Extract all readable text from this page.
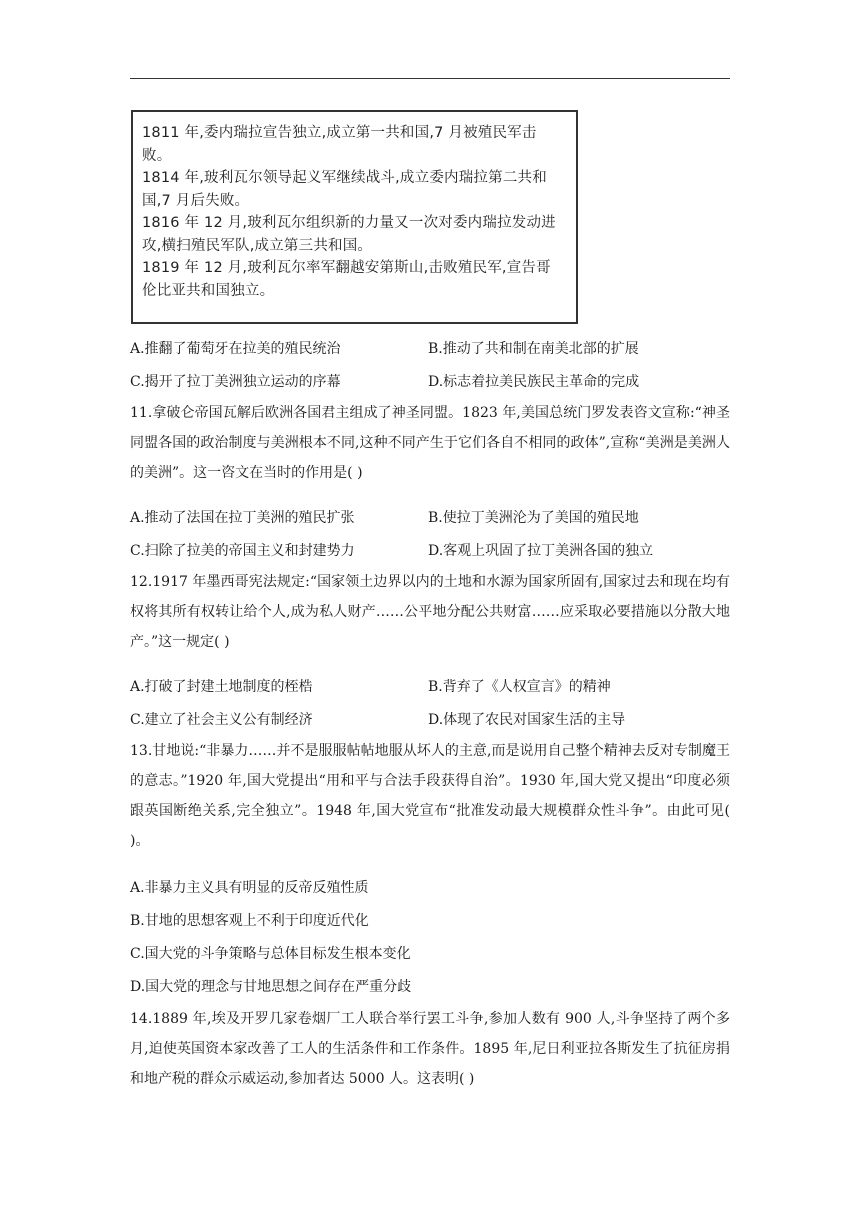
1811 年,委内瑞拉宣告独立,成立第一共和国,7 月被殖民军击败。

1814 年,玻利瓦尔领导起义军继续战斗,成立委内瑞拉第二共和国,7 月后失败。

1816 年 12 月,玻利瓦尔组织新的力量又一次对委内瑞拉发动进攻,横扫殖民军队,成立第三共和国。

1819 年 12 月,玻利瓦尔率军翻越安第斯山,击败殖民军,宣告哥伦比亚共和国独立。

A.推翻了葡萄牙在拉美的殖民统治	B.推动了共和制在南美北部的扩展
C.揭开了拉丁美洲独立运动的序幕	D.标志着拉美民族民主革命的完成

11.拿破仑帝国瓦解后欧洲各国君主组成了神圣同盟。1823 年,美国总统门罗发表咨文宣称:“神圣同盟各国的政治制度与美洲根本不同,这种不同产生于它们各自不相同的政体”,宣称“美洲是美洲人的美洲”。这一咨文在当时的作用是( )

A.推动了法国在拉丁美洲的殖民扩张	B.使拉丁美洲沦为了美国的殖民地
C.扫除了拉美的帝国主义和封建势力	D.客观上巩固了拉丁美洲各国的独立

12.1917 年墨西哥宪法规定:“国家领土边界以内的土地和水源为国家所固有,国家过去和现在均有权将其所有权转让给个人,成为私人财产……公平地分配公共财富……应采取必要措施以分散大地产。”这一规定( )

A.打破了封建土地制度的桎梏	B.背弃了《人权宣言》的精神
C.建立了社会主义公有制经济	D.体现了农民对国家生活的主导

13.甘地说:“非暴力……并不是服服帖帖地服从坏人的主意,而是说用自己整个精神去反对专制魔王的意志。”1920 年,国大党提出“用和平与合法手段获得自治”。1930 年,国大党又提出“印度必须跟英国断绝关系,完全独立”。1948 年,国大党宣布“批准发动最大规模群众性斗争”。由此可见( )。

A.非暴力主义具有明显的反帝反殖性质
B.甘地的思想客观上不利于印度近代化
C.国大党的斗争策略与总体目标发生根本变化
D.国大党的理念与甘地思想之间存在严重分歧

14.1889 年,埃及开罗几家卷烟厂工人联合举行罢工斗争,参加人数有 900 人,斗争坚持了两个多月,迫使英国资本家改善了工人的生活条件和工作条件。1895 年,尼日利亚拉各斯发生了抗征房捐和地产税的群众示威运动,参加者达 5000 人。这表明( )
